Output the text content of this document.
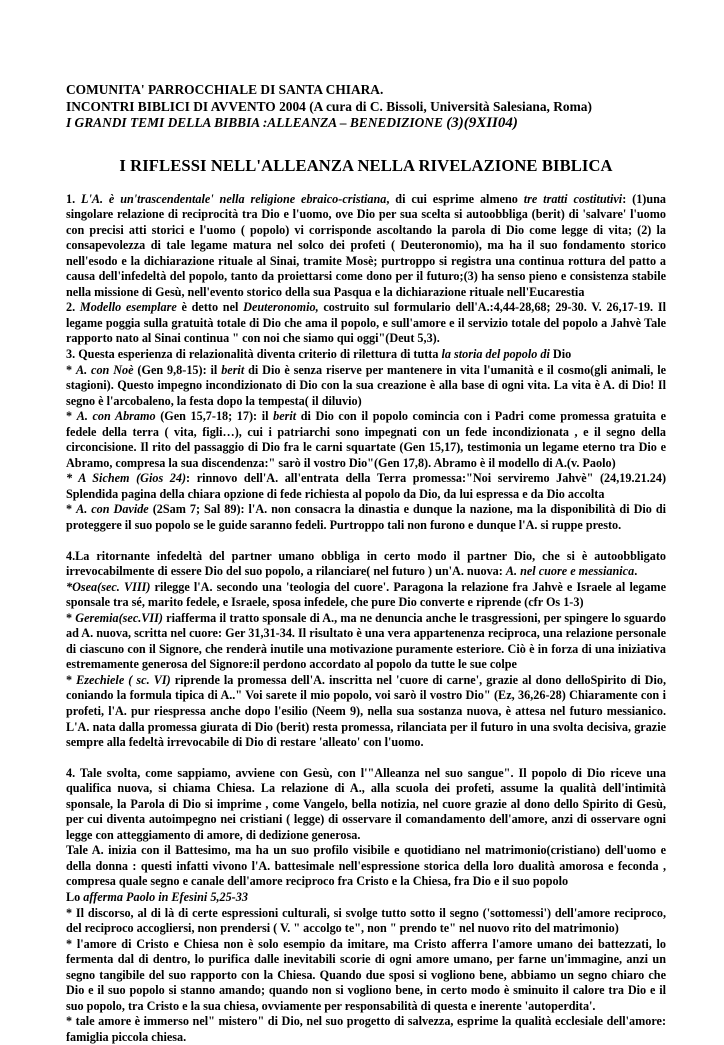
COMUNITA' PARROCCHIALE DI SANTA CHIARA.
INCONTRI BIBLICI DI AVVENTO 2004 (A cura di C. Bissoli, Università Salesiana, Roma)
I GRANDI TEMI DELLA BIBBIA :ALLEANZA – BENEDIZIONE (3)(9XII04)
I RIFLESSI NELL'ALLEANZA NELLA RIVELAZIONE BIBLICA

1. L'A. è un'trascendentale' nella religione ebraico-cristiana, di cui esprime almeno tre tratti costitutivi: (1)una singolare relazione di reciprocità tra Dio e l'uomo, ove Dio per sua scelta si autoobbliga (berit) di 'salvare' l'uomo con precisi atti storici e l'uomo ( popolo) vi corrisponde ascoltando la parola di Dio come legge di vita; (2) la consapevolezza di tale legame matura nel solco dei profeti ( Deuteronomio), ma ha il suo fondamento storico nell'esodo e la dichiarazione rituale al Sinai, tramite Mosè; purtroppo si registra una continua rottura del patto a causa dell'infedeltà del popolo, tanto da proiettarsi come dono per il futuro;(3) ha senso pieno e consistenza stabile nella missione di Gesù, nell'evento storico della sua Pasqua e la dichiarazione rituale nell'Eucarestia

2. Modello esemplare è detto nel Deuteronomio, costruito sul formulario dell'A.:4,44-28,68; 29-30. V. 26,17-19. Il legame poggia sulla gratuità totale di Dio che ama il popolo, e sull'amore e il servizio totale del popolo a Jahvè Tale rapporto nato al Sinai continua " con noi che siamo qui oggi"(Deut 5,3).

3. Questa esperienza di relazionalità diventa criterio di rilettura di tutta la storia del popolo di Dio

* A. con Noè (Gen 9,8-15): il berit di Dio è senza riserve per mantenere in vita l'umanità e il cosmo(gli animali, le stagioni). Questo impegno incondizionato di Dio con la sua creazione è alla base di ogni vita. La vita è A. di Dio! Il segno è l'arcobaleno, la festa dopo la tempesta( il diluvio)

* A. con Abramo (Gen 15,7-18; 17): il berit di Dio con il popolo comincia con i Padri come promessa gratuita e fedele della terra ( vita, figli…), cui i patriarchi sono impegnati con un fede incondizionata , e il segno della circoncisione. Il rito del passaggio di Dio fra le carni squartate (Gen 15,17), testimonia un legame eterno tra Dio e Abramo, compresa la sua discendenza:" sarò il vostro Dio"(Gen 17,8). Abramo è il modello di A.(v. Paolo)

* A Sichem (Gios 24): rinnovo dell'A. all'entrata della Terra promessa:"Noi serviremo Jahvè" (24,19.21.24) Splendida pagina della chiara opzione di fede richiesta al popolo da Dio, da lui espressa e da Dio accolta

* A. con Davide (2Sam 7; Sal 89): l'A. non consacra la dinastia e dunque la nazione, ma la disponibilità di Dio di proteggere il suo popolo se le guide saranno fedeli. Purtroppo tali non furono e dunque l'A. si ruppe presto.

4.La ritornante infedeltà del partner umano obbliga in certo modo il partner Dio, che si è autoobbligato irrevocabilmente di essere Dio del suo popolo, a rilanciare( nel futuro ) un'A. nuova: A. nel cuore e messianica.

*Osea(sec. VIII) rilegge l'A. secondo una 'teologia del cuore'. Paragona la relazione fra Jahvè e Israele al legame sponsale tra sé, marito fedele, e Israele, sposa infedele, che pure Dio converte e riprende (cfr Os 1-3)

* Geremia(sec.VII) riafferma il tratto sponsale di A., ma ne denuncia anche le trasgressioni, per spingere lo sguardo ad A. nuova, scritta nel cuore: Ger 31,31-34. Il risultato è una vera appartenenza reciproca, una relazione personale di ciascuno con il Signore, che renderà inutile una motivazione puramente esteriore. Ciò è in forza di una iniziativa estremamente generosa del Signore:il perdono accordato al popolo da tutte le sue colpe

* Ezechiele ( sc. VI) riprende la promessa dell'A. inscritta nel 'cuore di carne', grazie al dono delloSpirito di Dio, coniando la formula tipica di A.." Voi sarete il mio popolo, voi sarò il vostro Dio" (Ez, 36,26-28) Chiaramente con i profeti, l'A. pur riespressa anche dopo l'esilio (Neem 9), nella sua sostanza nuova, è attesa nel futuro messianico. L'A. nata dalla promessa giurata di Dio (berit) resta promessa, rilanciata per il futuro in una svolta decisiva, grazie sempre alla fedeltà irrevocabile di Dio di restare 'alleato' con l'uomo.

4. Tale svolta, come sappiamo, avviene con Gesù, con l'"Alleanza nel suo sangue". Il popolo di Dio riceve una qualifica nuova, si chiama Chiesa. La relazione di A., alla scuola dei profeti, assume la qualità dell'intimità sponsale, la Parola di Dio si imprime , come Vangelo, bella notizia, nel cuore grazie al dono dello Spirito di Gesù, per cui diventa autoimpegno nei cristiani ( legge) di osservare il comandamento dell'amore, anzi di osservare ogni legge con atteggiamento di amore, di dedizione generosa.

Tale A. inizia con il Battesimo, ma ha un suo profilo visibile e quotidiano nel matrimonio(cristiano) dell'uomo e della donna : questi infatti vivono l'A. battesimale nell'espressione storica della loro dualità amorosa e feconda , compresa quale segno e canale dell'amore reciproco fra Cristo e la Chiesa, fra Dio e il suo popolo

Lo afferma Paolo in Efesini 5,25-33

* Il discorso, al di là di certe espressioni culturali, si svolge tutto sotto il segno ('sottomessi') dell'amore reciproco, del reciproco accogliersi, non prendersi ( V. " accolgo te", non " prendo te" nel nuovo rito del matrimonio)

* l'amore di Cristo e Chiesa non è solo esempio da imitare, ma Cristo afferra l'amore umano dei battezzati, lo fermenta dal di dentro, lo purifica dalle inevitabili scorie di ogni amore umano, per farne un'immagine, anzi un segno tangibile del suo rapporto con la Chiesa. Quando due sposi si vogliono bene, abbiamo un segno chiaro che Dio e il suo popolo si stanno amando; quando non si vogliono bene, in certo modo è sminuito il calore tra Dio e il suo popolo, tra Cristo e la sua chiesa, ovviamente per responsabilità di questa e inerente 'autoperdita'.

* tale amore è immerso nel" mistero" di Dio, nel suo progetto di salvezza, esprime la qualità ecclesiale dell'amore: famiglia piccola chiesa.
